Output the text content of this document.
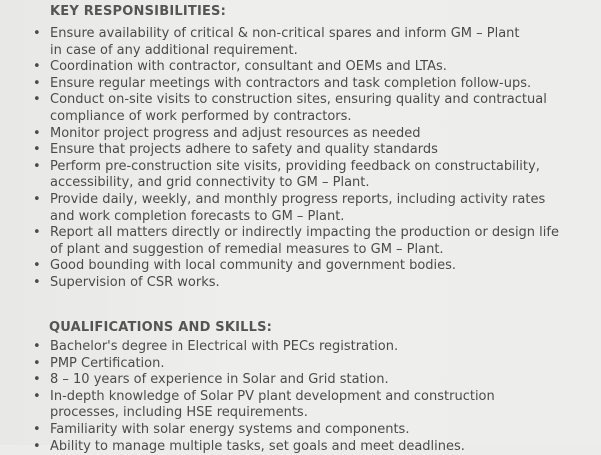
KEY RESPONSIBILITIES:
• Ensure availability of critical & non-critical spares and inform GM – Plant
in case of any additional requirement.
• Coordination with contractor, consultant and OEMs and LTAs.
• Ensure regular meetings with contractors and task completion follow-ups.
• Conduct on-site visits to construction sites, ensuring quality and contractual
compliance of work performed by contractors.
• Monitor project progress and adjust resources as needed
• Ensure that projects adhere to safety and quality standards
• Perform pre-construction site visits, providing feedback on constructability,
accessibility, and grid connectivity to GM – Plant.
• Provide daily, weekly, and monthly progress reports, including activity rates
and work completion forecasts to GM – Plant.
• Report all matters directly or indirectly impacting the production or design life
of plant and suggestion of remedial measures to GM – Plant.
• Good bounding with local community and government bodies.
• Supervision of CSR works.
QUALIFICATIONS AND SKILLS:
• Bachelor's degree in Electrical with PECs registration.
• PMP Certification.
• 8 – 10 years of experience in Solar and Grid station.
• In-depth knowledge of Solar PV plant development and construction
processes, including HSE requirements.
• Familiarity with solar energy systems and components.
• Ability to manage multiple tasks, set goals and meet deadlines.
